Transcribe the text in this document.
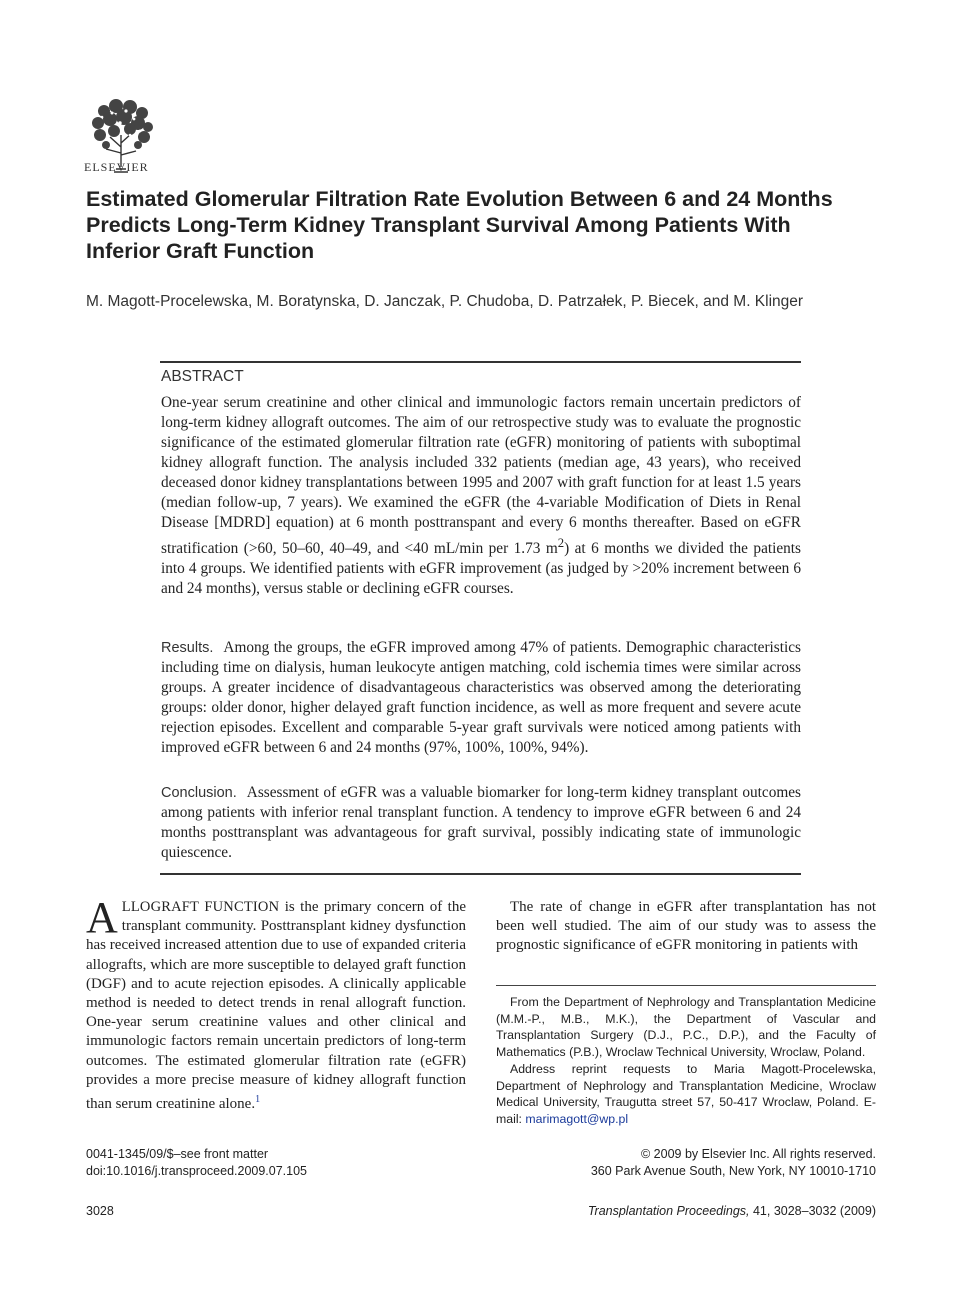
ELSEVIER
Estimated Glomerular Filtration Rate Evolution Between 6 and 24 Months Predicts Long-Term Kidney Transplant Survival Among Patients With Inferior Graft Function

M. Magott-Procelewska, M. Boratynska, D. Janczak, P. Chudoba, D. Patrzałek, P. Biecek, and M. Klinger

ABSTRACT

One-year serum creatinine and other clinical and immunologic factors remain uncertain predictors of long-term kidney allograft outcomes. The aim of our retrospective study was to evaluate the prognostic significance of the estimated glomerular filtration rate (eGFR) monitoring of patients with suboptimal kidney allograft function. The analysis included 332 patients (median age, 43 years), who received deceased donor kidney transplantations between 1995 and 2007 with graft function for at least 1.5 years (median follow-up, 7 years). We examined the eGFR (the 4-variable Modification of Diets in Renal Disease [MDRD] equation) at 6 month posttranspant and every 6 months thereafter. Based on eGFR stratification (>60, 50–60, 40–49, and <40 mL/min per 1.73 $m^2$) at 6 months we divided the patients into 4 groups. We identified patients with eGFR improvement (as judged by >20% increment between 6 and 24 months), versus stable or declining eGFR courses.

Results. Among the groups, the eGFR improved among 47% of patients. Demographic characteristics including time on dialysis, human leukocyte antigen matching, cold ischemia times were similar across groups. A greater incidence of disadvantageous characteristics was observed among the deteriorating groups: older donor, higher delayed graft function incidence, as well as more frequent and severe acute rejection episodes. Excellent and comparable 5-year graft survivals were noticed among patients with improved eGFR between 6 and 24 months (97%, 100%, 100%, 94%).

Conclusion. Assessment of eGFR was a valuable biomarker for long-term kidney transplant outcomes among patients with inferior renal transplant function. A tendency to improve eGFR between 6 and 24 months posttransplant was advantageous for graft survival, possibly indicating state of immunologic quiescence.

ALLOGRAFT FUNCTION is the primary concern of the transplant community. Posttransplant kidney dysfunction has received increased attention due to use of expanded criteria allografts, which are more susceptible to delayed graft function (DGF) and to acute rejection episodes. A clinically applicable method is needed to detect trends in renal allograft function. One-year serum creatinine values and other clinical and immunologic factors remain uncertain predictors of long-term outcomes. The estimated glomerular filtration rate (eGFR) provides a more precise measure of kidney allograft function than serum creatinine alone.$^1$

The rate of change in eGFR after transplantation has not been well studied. The aim of our study was to assess the prognostic significance of eGFR monitoring in patients with

From the Department of Nephrology and Transplantation Medicine (M.M.-P., M.B., M.K.), the Department of Vascular and Transplantation Surgery (D.J., P.C., D.P.), and the Faculty of Mathematics (P.B.), Wroclaw Technical University, Wroclaw, Poland.

Address reprint requests to Maria Magott-Procelewska, Department of Nephrology and Transplantation Medicine, Wroclaw Medical University, Traugutta street 57, 50-417 Wroclaw, Poland. E-mail: marimagott@wp.pl

0041-1345/09/$–see front matter
doi:10.1016/j.transproceed.2009.07.105
© 2009 by Elsevier Inc. All rights reserved.
360 Park Avenue South, New York, NY 10010-1710
3028	Transplantation Proceedings, 41, 3028–3032 (2009)
